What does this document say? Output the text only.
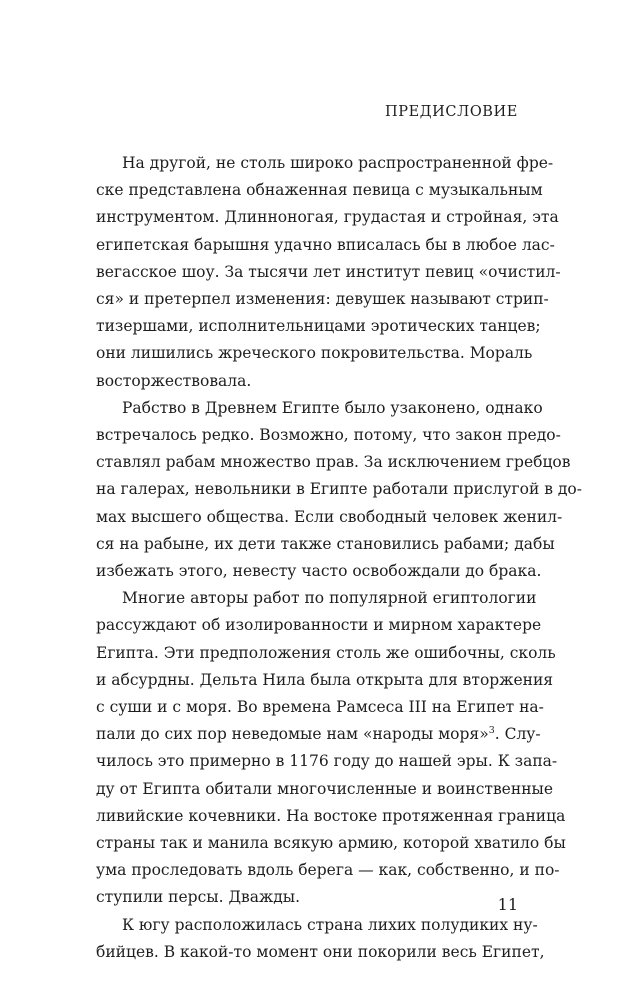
ПРЕДИСЛОВИЕ

На другой, не столь широко распространенной фре-
ске представлена обнаженная певица с музыкальным
инструментом. Длинноногая, грудастая и стройная, эта
египетская барышня удачно вписалась бы в любое лас-
вегасское шоу. За тысячи лет институт певиц «очистил-
ся» и претерпел изменения: девушек называют стрип-
тизершами, исполнительницами эротических танцев;
они лишились жреческого покровительства. Мораль
восторжествовала.

Рабство в Древнем Египте было узаконено, однако
встречалось редко. Возможно, потому, что закон предо-
ставлял рабам множество прав. За исключением гребцов
на галерах, невольники в Египте работали прислугой в до-
мах высшего общества. Если свободный человек женил-
ся на рабыне, их дети также становились рабами; дабы
избежать этого, невесту часто освобождали до брака.

Многие авторы работ по популярной египтологии
рассуждают об изолированности и мирном характере
Египта. Эти предположения столь же ошибочны, сколь
и абсурдны. Дельта Нила была открыта для вторжения
с суши и с моря. Во времена Рамсеса III на Египет на-
пали до сих пор неведомые нам «народы моря»$^3$. Слу-
чилось это примерно в 1176 году до нашей эры. К запа-
ду от Египта обитали многочисленные и воинственные
ливийские кочевники. На востоке протяженная граница
страны так и манила всякую армию, которой хватило бы
ума проследовать вдоль берега — как, собственно, и по-
ступили персы. Дважды.

К югу расположилась страна лихих полудиких ну-
бийцев. В какой-то момент они покорили весь Египет,

11
